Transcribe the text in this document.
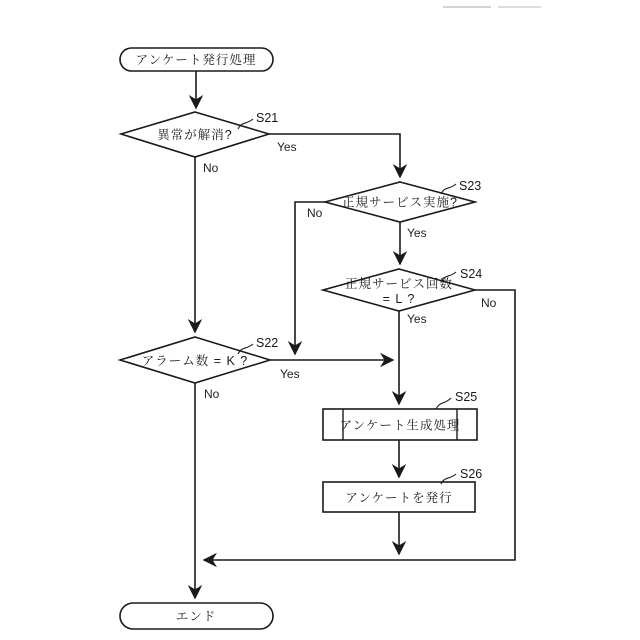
アンケート発行処理
異常が解消?
S21
Yes
No
正規サービス実施?
S23
No
Yes
正規サービス回数
= L ?
S24
No
Yes
アラーム数 = K ?
S22
Yes
No
アンケート生成処理
S25
アンケートを発行
S26
エンド
